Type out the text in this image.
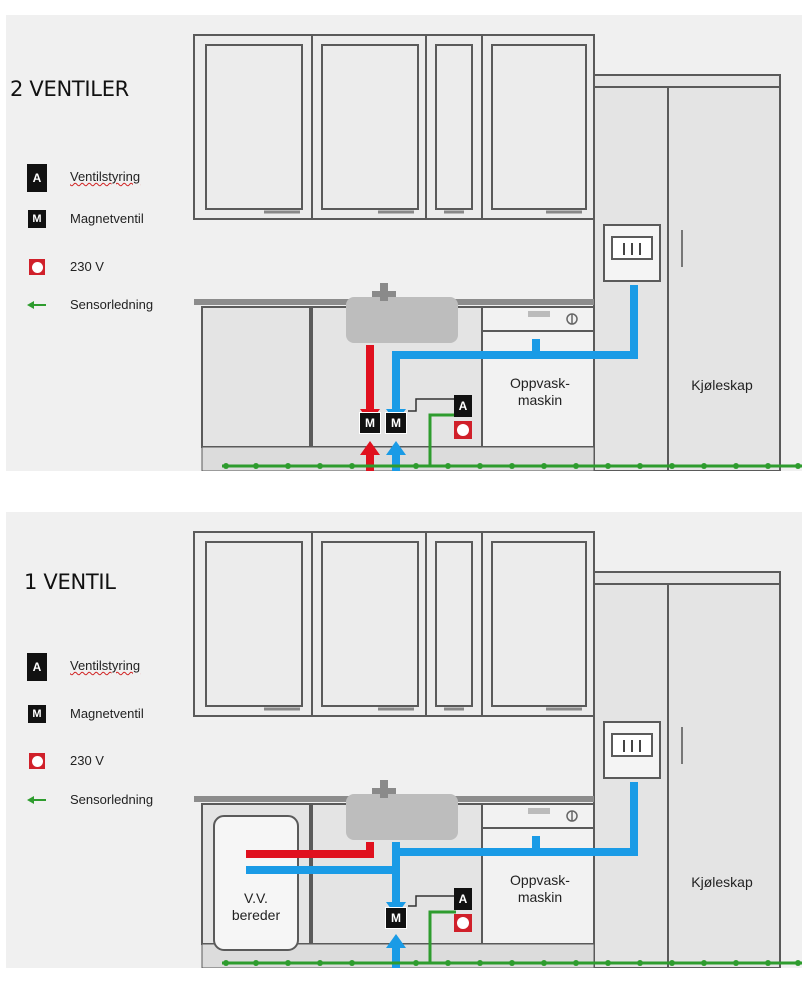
2 VENTILER
A	Ventilstyring
M	Magnetventil
230 V
Sensorledning
Oppvask-
maskin
Kjøleskap
M	M
A
1 VENTIL
A	Ventilstyring
M	Magnetventil
230 V
Sensorledning
V.V.
bereder
Oppvask-
maskin
Kjøleskap
M
A
